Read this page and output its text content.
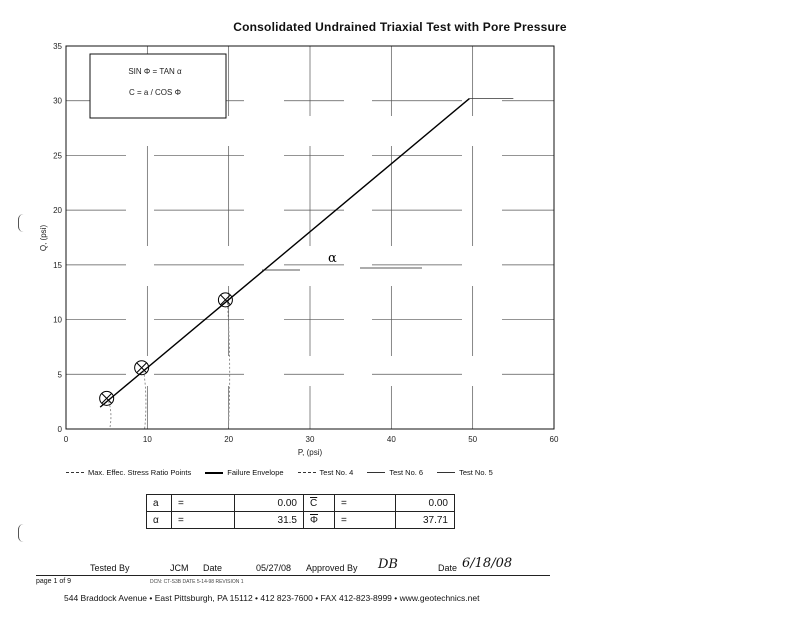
Consolidated Undrained Triaxial Test with Pore Pressure
0	10	20	30	40	50	60
0
5
10
15
20
25
30
35
P, (psi)
Q, (psi)
α
SIN Φ = TAN α
C = a / COS Φ
Max. Effec. Stress Ratio Points	Failure Envelope	Test No. 4	Test No. 6	Test No. 5
a	=	0.00	$\overline{C}$	=	0.00
α	=	31.5	$\overline{\Phi}$	=	37.71
Tested By	JCM Date	05/27/08 Approved By DB	Date 6/18/08
page 1 of 9	DCN: CT-S3B DATE 5-14-98 REVISION 1
544 Braddock Avenue • East Pittsburgh, PA 15112 • 412 823-7600 • FAX 412-823-8999 • www.geotechnics.net
